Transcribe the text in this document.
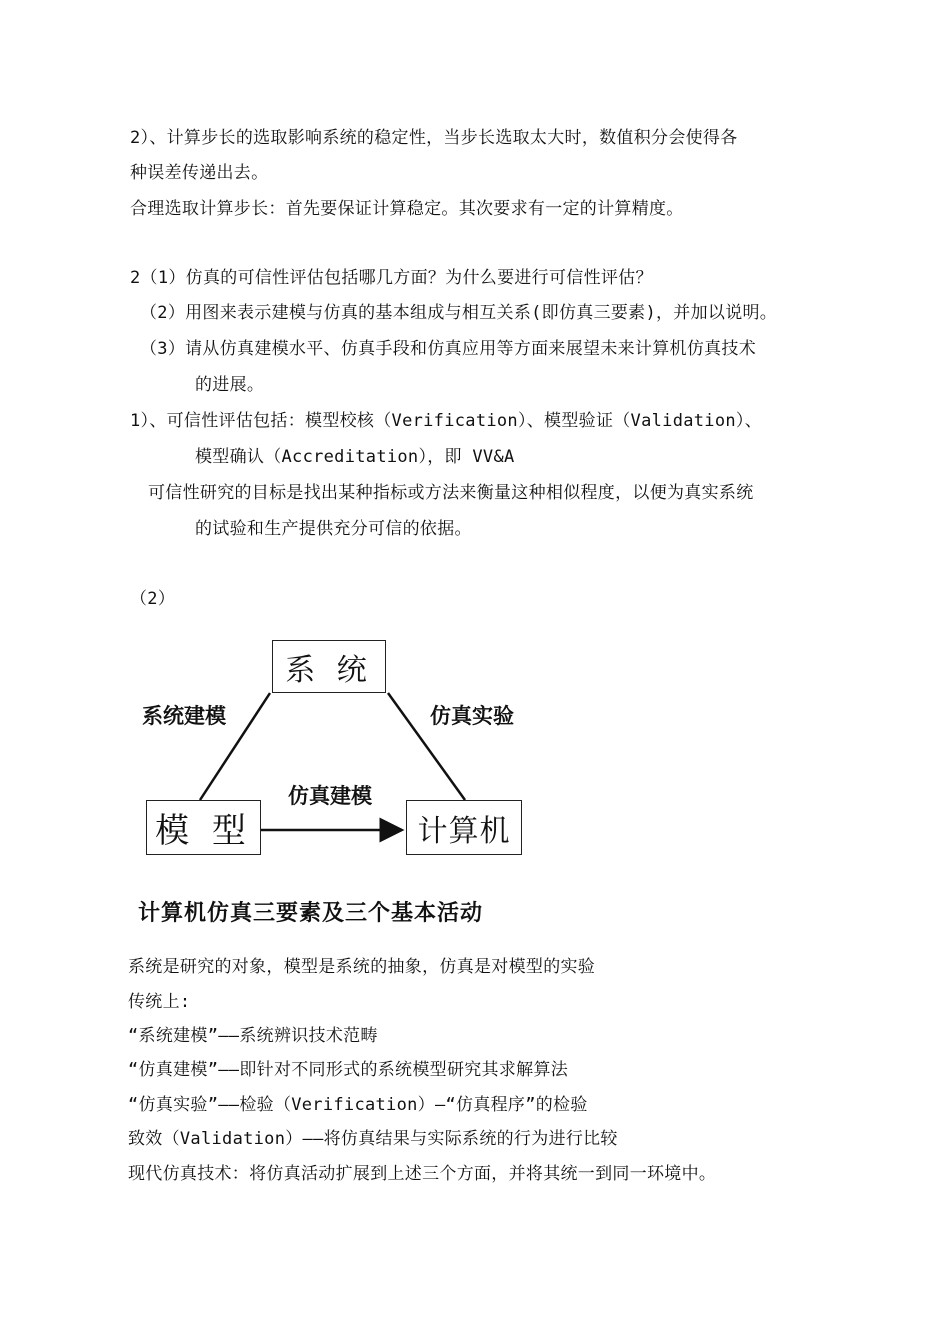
2）、计算步长的选取影响系统的稳定性，当步长选取太大时，数值积分会使得各
种误差传递出去。
合理选取计算步长：首先要保证计算稳定。其次要求有一定的计算精度。
2（1）仿真的可信性评估包括哪几方面？为什么要进行可信性评估？
（2）用图来表示建模与仿真的基本组成与相互关系(即仿真三要素)，并加以说明。
（3）请从仿真建模水平、仿真手段和仿真应用等方面来展望未来计算机仿真技术
的进展。
1）、可信性评估包括：模型校核（Verification）、模型验证（Validation）、
模型确认（Accreditation），即 VV&A
可信性研究的目标是找出某种指标或方法来衡量这种相似程度，以便为真实系统
的试验和生产提供充分可信的依据。
（2）
系 统
模 型	计算机
系统建模	仿真实验
仿真建模
计算机仿真三要素及三个基本活动
系统是研究的对象，模型是系统的抽象，仿真是对模型的实验
传统上:
“系统建模”——系统辨识技术范畴
“仿真建模”——即针对不同形式的系统模型研究其求解算法
“仿真实验”——检验（Verification）—“仿真程序”的检验
致效（Validation）——将仿真结果与实际系统的行为进行比较
现代仿真技术：将仿真活动扩展到上述三个方面，并将其统一到同一环境中。
